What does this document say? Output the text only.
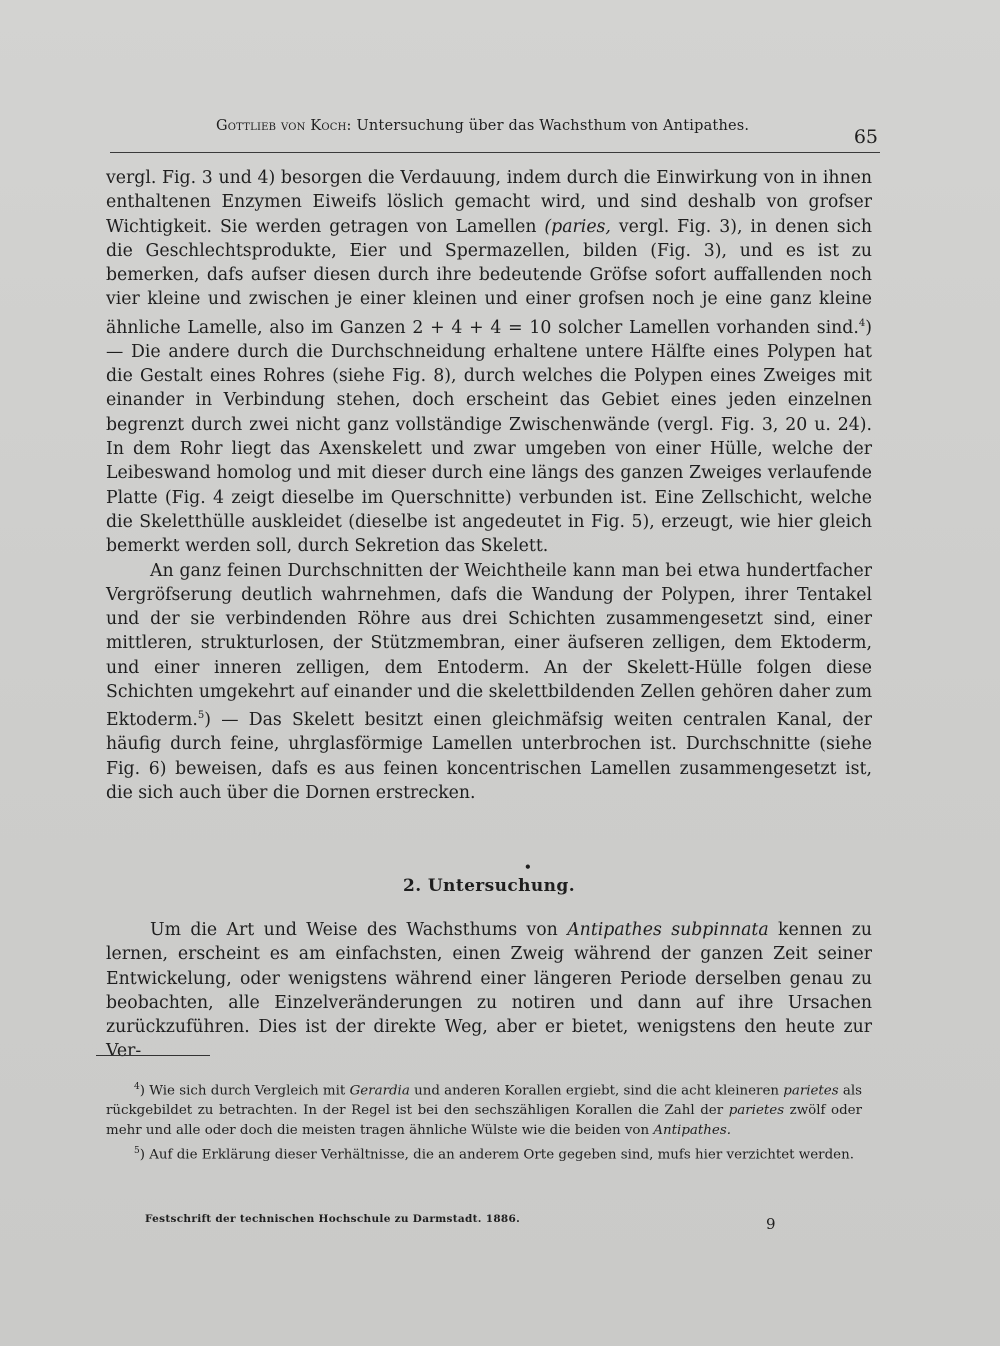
Gottlieb von Koch: Untersuchung über das Wachsthum von Antipathes.	65

vergl. Fig. 3 und 4) besorgen die Verdauung, indem durch die Einwirkung von in ihnen enthaltenen Enzymen Eiweifs löslich gemacht wird, und sind deshalb von grofser Wichtigkeit. Sie werden getragen von Lamellen (paries, vergl. Fig. 3), in denen sich die Geschlechtsprodukte, Eier und Spermazellen, bilden (Fig. 3), und es ist zu bemerken, dafs aufser diesen durch ihre bedeutende Gröfse sofort auffallenden noch vier kleine und zwischen je einer kleinen und einer grofsen noch je eine ganz kleine ähnliche Lamelle, also im Ganzen 2 + 4 + 4 = 10 solcher Lamellen vorhanden sind.$^4$) — Die andere durch die Durchschneidung erhaltene untere Hälfte eines Polypen hat die Gestalt eines Rohres (siehe Fig. 8), durch welches die Polypen eines Zweiges mit einander in Verbindung stehen, doch erscheint das Gebiet eines jeden einzelnen begrenzt durch zwei nicht ganz vollständige Zwischenwände (vergl. Fig. 3, 20 u. 24). In dem Rohr liegt das Axenskelett und zwar umgeben von einer Hülle, welche der Leibeswand homolog und mit dieser durch eine längs des ganzen Zweiges verlaufende Platte (Fig. 4 zeigt dieselbe im Querschnitte) verbunden ist. Eine Zellschicht, welche die Skeletthülle auskleidet (dieselbe ist angedeutet in Fig. 5), erzeugt, wie hier gleich bemerkt werden soll, durch Sekretion das Skelett.

An ganz feinen Durchschnitten der Weichtheile kann man bei etwa hundertfacher Vergröfserung deutlich wahrnehmen, dafs die Wandung der Polypen, ihrer Tentakel und der sie verbindenden Röhre aus drei Schichten zusammengesetzt sind, einer mittleren, strukturlosen, der Stützmembran, einer äufseren zelligen, dem Ektoderm, und einer inneren zelligen, dem Entoderm. An der Skelett-Hülle folgen diese Schichten umgekehrt auf einander und die skelettbildenden Zellen gehören daher zum Ektoderm.$^5$) — Das Skelett besitzt einen gleichmäfsig weiten centralen Kanal, der häufig durch feine, uhrglasförmige Lamellen unterbrochen ist. Durchschnitte (siehe Fig. 6) beweisen, dafs es aus feinen koncentrischen Lamellen zusammengesetzt ist, die sich auch über die Dornen erstrecken.

•
2. Untersuchung.

Um die Art und Weise des Wachsthums von Antipathes subpinnata kennen zu lernen, erscheint es am einfachsten, einen Zweig während der ganzen Zeit seiner Entwickelung, oder wenigstens während einer längeren Periode derselben genau zu beobachten, alle Einzelveränderungen zu notiren und dann auf ihre Ursachen zurückzuführen. Dies ist der direkte Weg, aber er bietet, wenigstens den heute zur Ver-

$^4$) Wie sich durch Vergleich mit Gerardia und anderen Korallen ergiebt, sind die acht kleineren parietes als rückgebildet zu betrachten. In der Regel ist bei den sechszähligen Korallen die Zahl der parietes zwölf oder mehr und alle oder doch die meisten tragen ähnliche Wülste wie die beiden von Antipathes.

$^5$) Auf die Erklärung dieser Verhältnisse, die an anderem Orte gegeben sind, mufs hier verzichtet werden.

Festschrift der technischen Hochschule zu Darmstadt. 1886.	9
